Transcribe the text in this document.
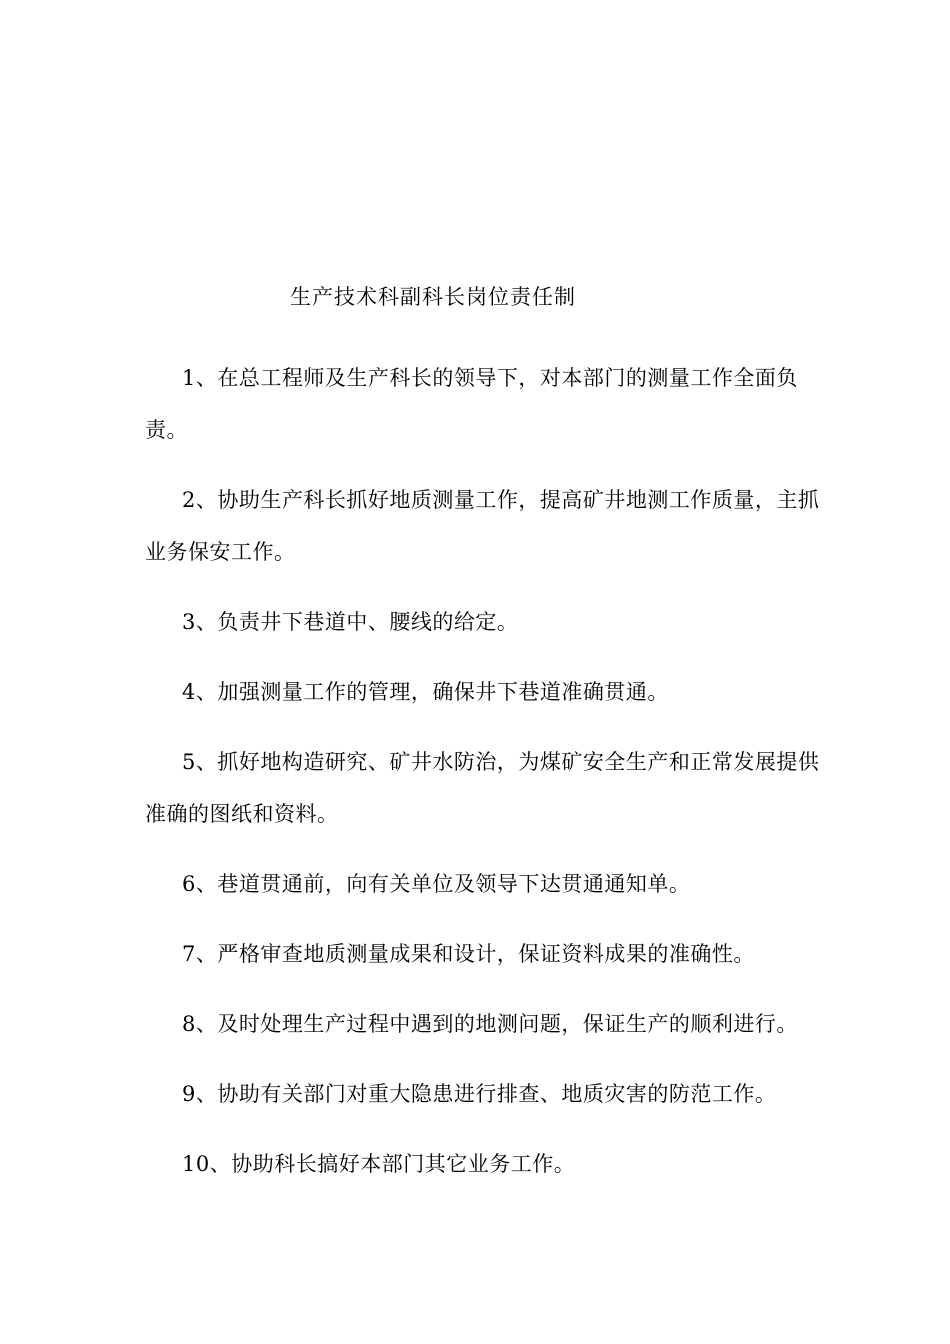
生产技术科副科长岗位责任制

1、在总工程师及生产科长的领导下，对本部门的测量工作全面负责。

2、协助生产科长抓好地质测量工作，提高矿井地测工作质量，主抓业务保安工作。

3、负责井下巷道中、腰线的给定。

4、加强测量工作的管理，确保井下巷道准确贯通。

5、抓好地构造研究、矿井水防治，为煤矿安全生产和正常发展提供准确的图纸和资料。

6、巷道贯通前，向有关单位及领导下达贯通通知单。

7、严格审查地质测量成果和设计，保证资料成果的准确性。

8、及时处理生产过程中遇到的地测问题，保证生产的顺利进行。

9、协助有关部门对重大隐患进行排查、地质灾害的防范工作。

10、协助科长搞好本部门其它业务工作。
